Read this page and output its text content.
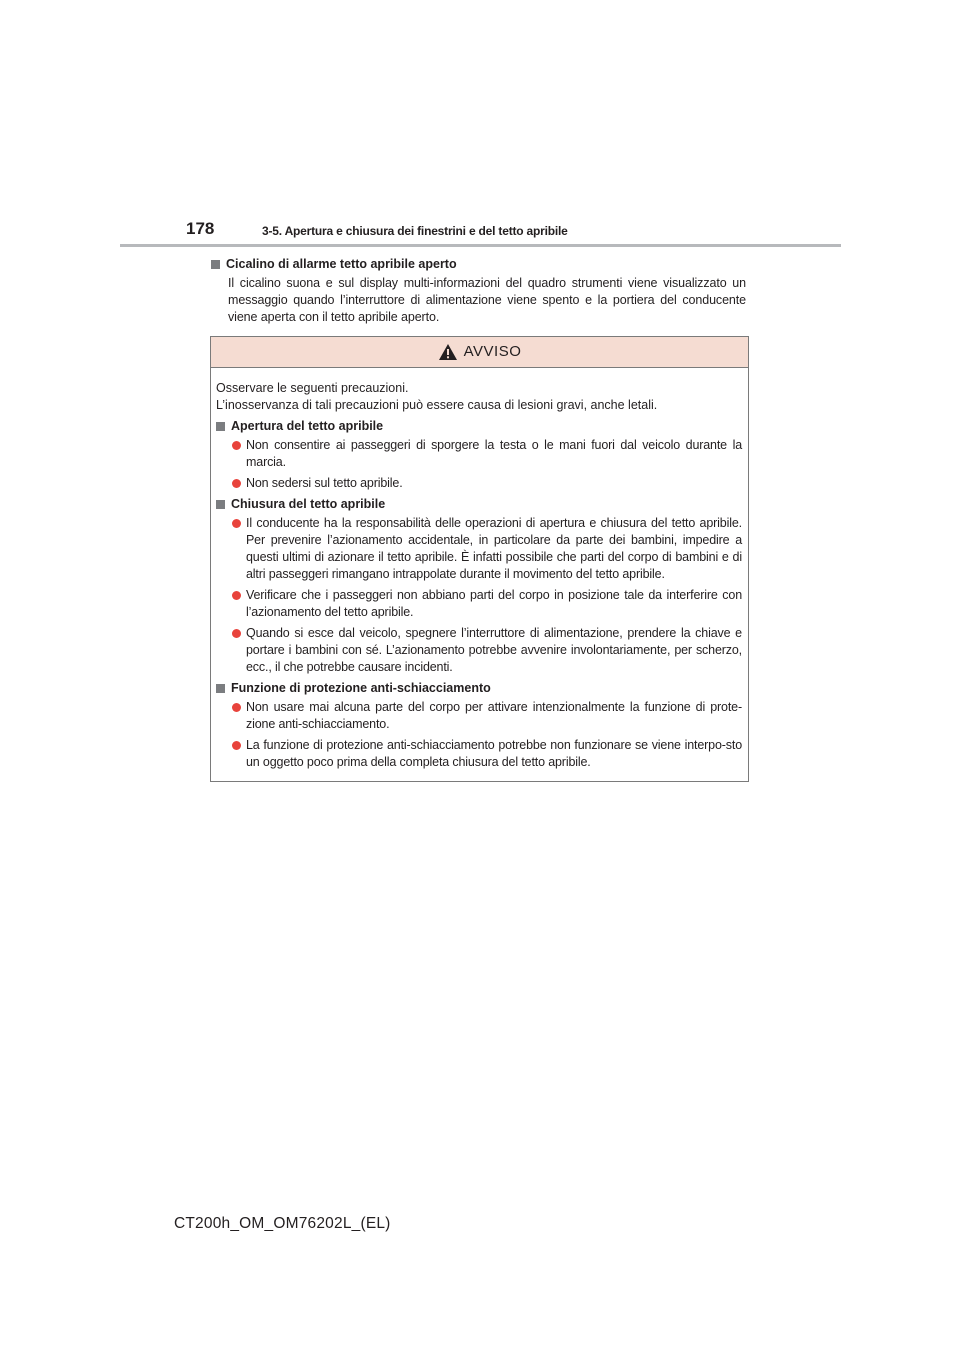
178	3-5. Apertura e chiusura dei finestrini e del tetto apribile
Cicalino di allarme tetto apribile aperto
Il cicalino suona e sul display multi-informazioni del quadro strumenti viene visualizzato un messaggio quando l’interruttore di alimentazione viene spento e la portiera del conducente viene aperta con il tetto apribile aperto.
AVVISO
Osservare le seguenti precauzioni.
L’inosservanza di tali precauzioni può essere causa di lesioni gravi, anche letali.
Apertura del tetto apribile
Non consentire ai passeggeri di sporgere la testa o le mani fuori dal veicolo durante la marcia.
Non sedersi sul tetto apribile.
Chiusura del tetto apribile
Il conducente ha la responsabilità delle operazioni di apertura e chiusura del tetto apribile. Per prevenire l’azionamento accidentale, in particolare da parte dei bambini, impedire a questi ultimi di azionare il tetto apribile. È infatti possibile che parti del corpo di bambini e di altri passeggeri rimangano intrappolate durante il movimento del tetto apribile.
Verificare che i passeggeri non abbiano parti del corpo in posizione tale da interferire con l’azionamento del tetto apribile.
Quando si esce dal veicolo, spegnere l’interruttore di alimentazione, prendere la chiave e portare i bambini con sé. L’azionamento potrebbe avvenire involontariamente, per scherzo, ecc., il che potrebbe causare incidenti.
Funzione di protezione anti-schiacciamento
Non usare mai alcuna parte del corpo per attivare intenzionalmente la funzione di prote-zione anti-schiacciamento.
La funzione di protezione anti-schiacciamento potrebbe non funzionare se viene interpo-sto un oggetto poco prima della completa chiusura del tetto apribile.
CT200h_OM_OM76202L_(EL)
